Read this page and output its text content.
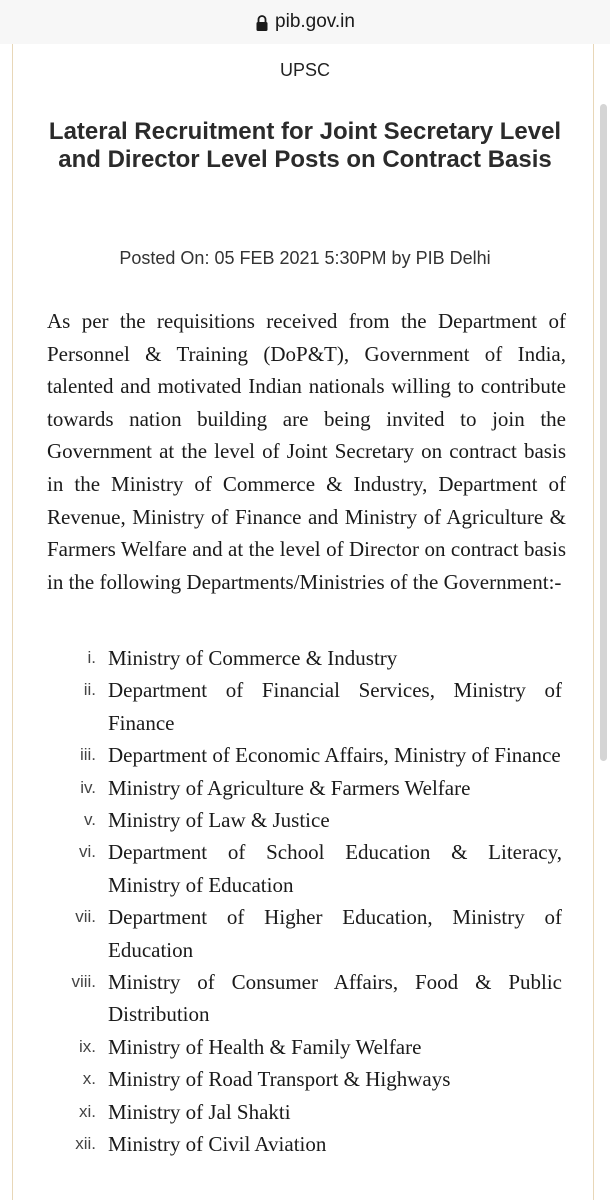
pib.gov.in
UPSC
Lateral Recruitment for Joint Secretary Level and Director Level Posts on Contract Basis
Posted On: 05 FEB 2021 5:30PM by PIB Delhi
As per the requisitions received from the Department of Personnel & Training (DoP&T), Government of India, talented and motivated Indian nationals willing to contribute towards nation building are being invited to join the Government at the level of Joint Secretary on contract basis in the Ministry of Commerce & Industry, Department of Revenue, Ministry of Finance and Ministry of Agriculture & Farmers Welfare and at the level of Director on contract basis in the following Departments/Ministries of the Government:-
i. Ministry of Commerce & Industry
ii. Department of Financial Services, Ministry of Finance
iii. Department of Economic Affairs, Ministry of Finance
iv. Ministry of Agriculture & Farmers Welfare
v. Ministry of Law & Justice
vi. Department of School Education & Literacy, Ministry of Education
vii. Department of Higher Education, Ministry of Education
viii. Ministry of Consumer Affairs, Food & Public Distribution
ix. Ministry of Health & Family Welfare
x. Ministry of Road Transport & Highways
xi. Ministry of Jal Shakti
xii. Ministry of Civil Aviation
